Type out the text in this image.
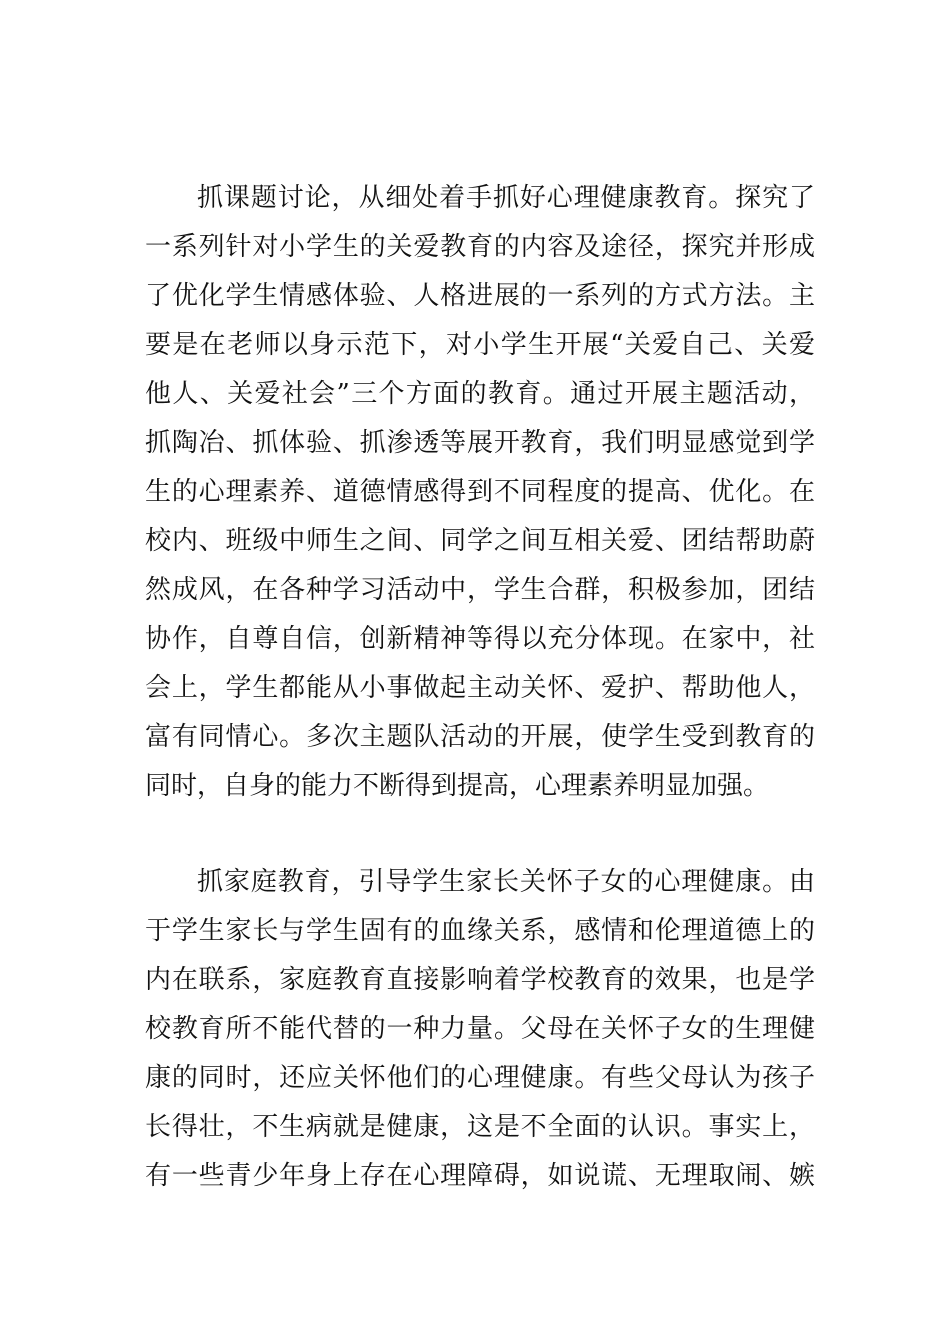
抓课题讨论，从细处着手抓好心理健康教育。探究了
一系列针对小学生的关爱教育的内容及途径，探究并形成
了优化学生情感体验、人格进展的一系列的方式方法。主
要是在老师以身示范下，对小学生开展“关爱自己、关爱
他人、关爱社会”三个方面的教育。通过开展主题活动，
抓陶冶、抓体验、抓渗透等展开教育，我们明显感觉到学
生的心理素养、道德情感得到不同程度的提高、优化。在
校内、班级中师生之间、同学之间互相关爱、团结帮助蔚
然成风，在各种学习活动中，学生合群，积极参加，团结
协作，自尊自信，创新精神等得以充分体现。在家中，社
会上，学生都能从小事做起主动关怀、爱护、帮助他人，
富有同情心。多次主题队活动的开展，使学生受到教育的
同时，自身的能力不断得到提高，心理素养明显加强。
抓家庭教育，引导学生家长关怀子女的心理健康。由
于学生家长与学生固有的血缘关系，感情和伦理道德上的
内在联系，家庭教育直接影响着学校教育的效果，也是学
校教育所不能代替的一种力量。父母在关怀子女的生理健
康的同时，还应关怀他们的心理健康。有些父母认为孩子
长得壮，不生病就是健康，这是不全面的认识。事实上，
有一些青少年身上存在心理障碍，如说谎、无理取闹、嫉
